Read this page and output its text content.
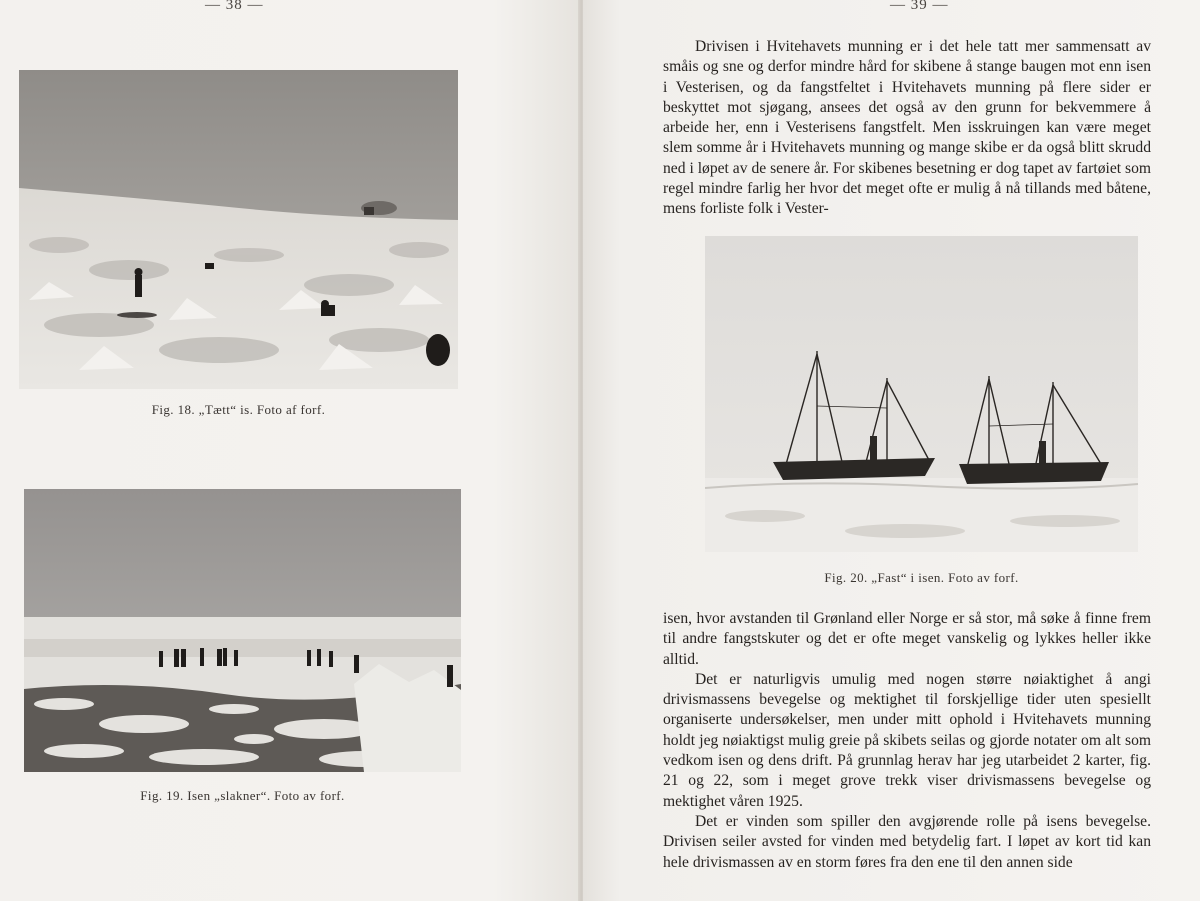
— 38 —
Fig. 18. „Tætt“ is. Foto af forf.
Fig. 19. Isen „slakner“. Foto av forf.
— 39 —

Drivisen i Hvitehavets munning er i det hele tatt mer sammensatt av småis og sne og derfor mindre hård for skibene å stange baugen mot enn isen i Vesterisen, og da fangstfeltet i Hvitehavets munning på flere sider er beskyttet mot sjøgang, ansees det også av den grunn for bekvemmere å arbeide her, enn i Vesterisens fangstfelt. Men isskruingen kan være meget slem somme år i Hvitehavets munning og mange skibe er da også blitt skrudd ned i løpet av de senere år. For skibenes besetning er dog tapet av fartøiet som regel mindre farlig her hvor det meget ofte er mulig å nå tillands med båtene, mens forliste folk i Vester-

Fig. 20. „Fast“ i isen. Foto av forf.

isen, hvor avstanden til Grønland eller Norge er så stor, må søke å finne frem til andre fangstskuter og det er ofte meget vanskelig og lykkes heller ikke alltid.

Det er naturligvis umulig med nogen større nøiaktighet å angi drivismassens bevegelse og mektighet til forskjellige tider uten spesiellt organiserte undersøkelser, men under mitt ophold i Hvitehavets munning holdt jeg nøiaktigst mulig greie på skibets seilas og gjorde notater om alt som vedkom isen og dens drift. På grunnlag herav har jeg utarbeidet 2 karter, fig. 21 og 22, som i meget grove trekk viser drivismassens bevegelse og mektighet våren 1925.

Det er vinden som spiller den avgjørende rolle på isens bevegelse. Drivisen seiler avsted for vinden med betydelig fart. I løpet av kort tid kan hele drivismassen av en storm føres fra den ene til den annen side
